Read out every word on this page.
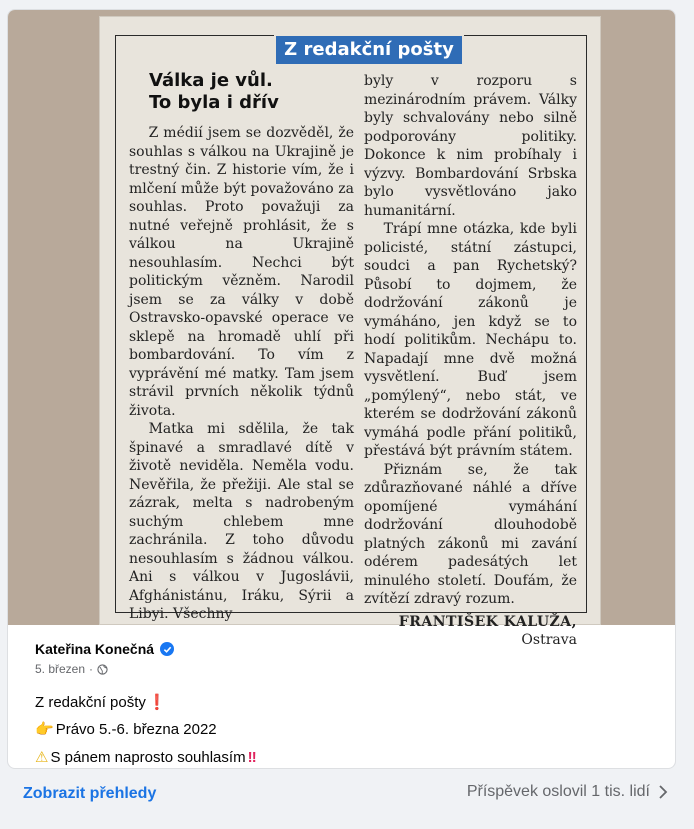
Z redakční pošty
Válka je vůl.
To byla i dřív

Z médií jsem se dozvěděl, že souhlas s válkou na Ukrajině je trestný čin. Z historie vím, že i mlčení může být považováno za souhlas. Proto považuji za nutné veřejně prohlásit, že s válkou na Ukrajině nesouhlasím. Nechci být politickým vězněm. Narodil jsem se za války v době Ostravsko-opavské operace ve sklepě na hromadě uhlí při bombardování. To vím z vyprávění mé matky. Tam jsem strávil prvních několik týdnů života.

Matka mi sdělila, že tak špinavé a smradlavé dítě v životě neviděla. Neměla vodu. Nevěřila, že přežiji. Ale stal se zázrak, melta s nadrobeným suchým chlebem mne zachránila. Z toho důvodu nesouhlasím s žádnou válkou. Ani s válkou v Jugoslávii, Afghánistánu, Iráku, Sýrii a Libyi. Všechny

byly v rozporu s mezinárodním právem. Války byly schvalovány nebo silně podporovány politiky. Dokonce k nim probíhaly i výzvy. Bombardování Srbska bylo vysvětlováno jako humanitární.

Trápí mne otázka, kde byli policisté, státní zástupci, soudci a pan Rychetský? Působí to dojmem, že dodržování zákonů je vymáháno, jen když se to hodí politikům. Nechápu to. Napadají mne dvě možná vysvětlení. Buď jsem „pomýlený“, nebo stát, ve kterém se dodržování zákonů vymáhá podle přání politiků, přestává být právním státem.

Přiznám se, že tak zdůrazňované náhlé a dříve opomíjené vymáhání dodržování dlouhodobě platných zákonů mi zavání odérem padesátých let minulého století. Doufám, že zvítězí zdravý rozum.

FRANTIŠEK KALUŽA,
Ostrava
Kateřina Konečná
5. březen ·
Z redakční pošty ❗
👉 Právo 5.-6. března 2022
⚠ S pánem naprosto souhlasím ‼
Zobrazit přehledy	Příspěvek oslovil 1 tis. lidí
